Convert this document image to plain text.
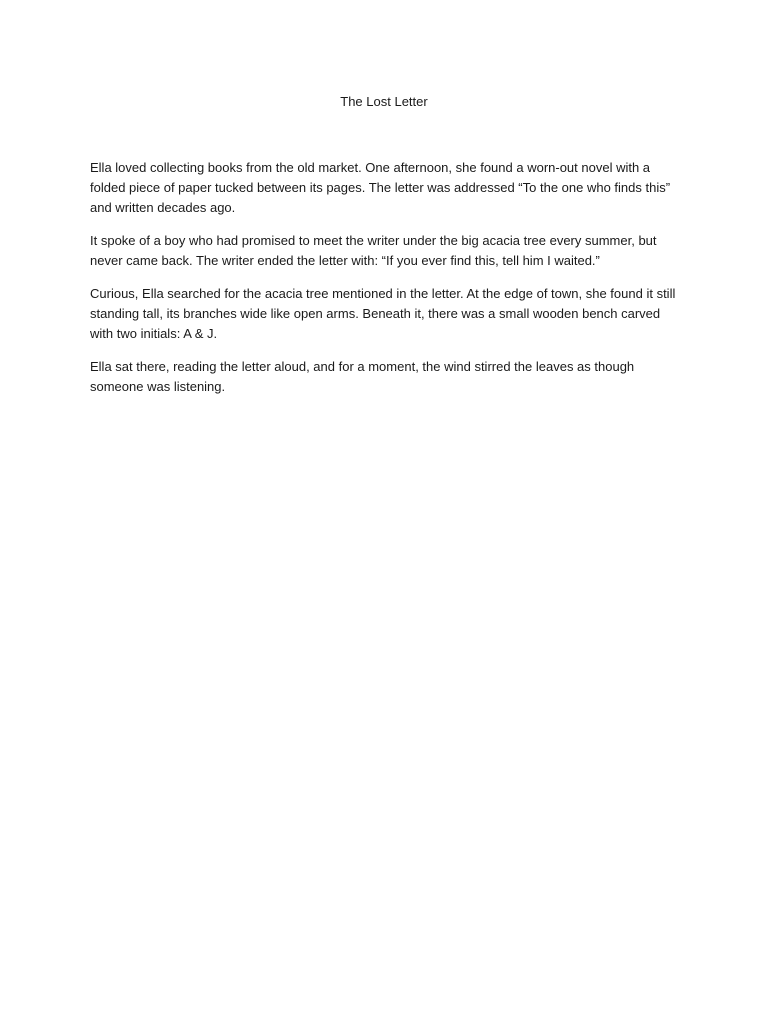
The Lost Letter

Ella loved collecting books from the old market. One afternoon, she found a worn-out novel with a folded piece of paper tucked between its pages. The letter was addressed “To the one who finds this” and written decades ago.

It spoke of a boy who had promised to meet the writer under the big acacia tree every summer, but never came back. The writer ended the letter with: “If you ever find this, tell him I waited.”

Curious, Ella searched for the acacia tree mentioned in the letter. At the edge of town, she found it still standing tall, its branches wide like open arms. Beneath it, there was a small wooden bench carved with two initials: A & J.

Ella sat there, reading the letter aloud, and for a moment, the wind stirred the leaves as though someone was listening.
